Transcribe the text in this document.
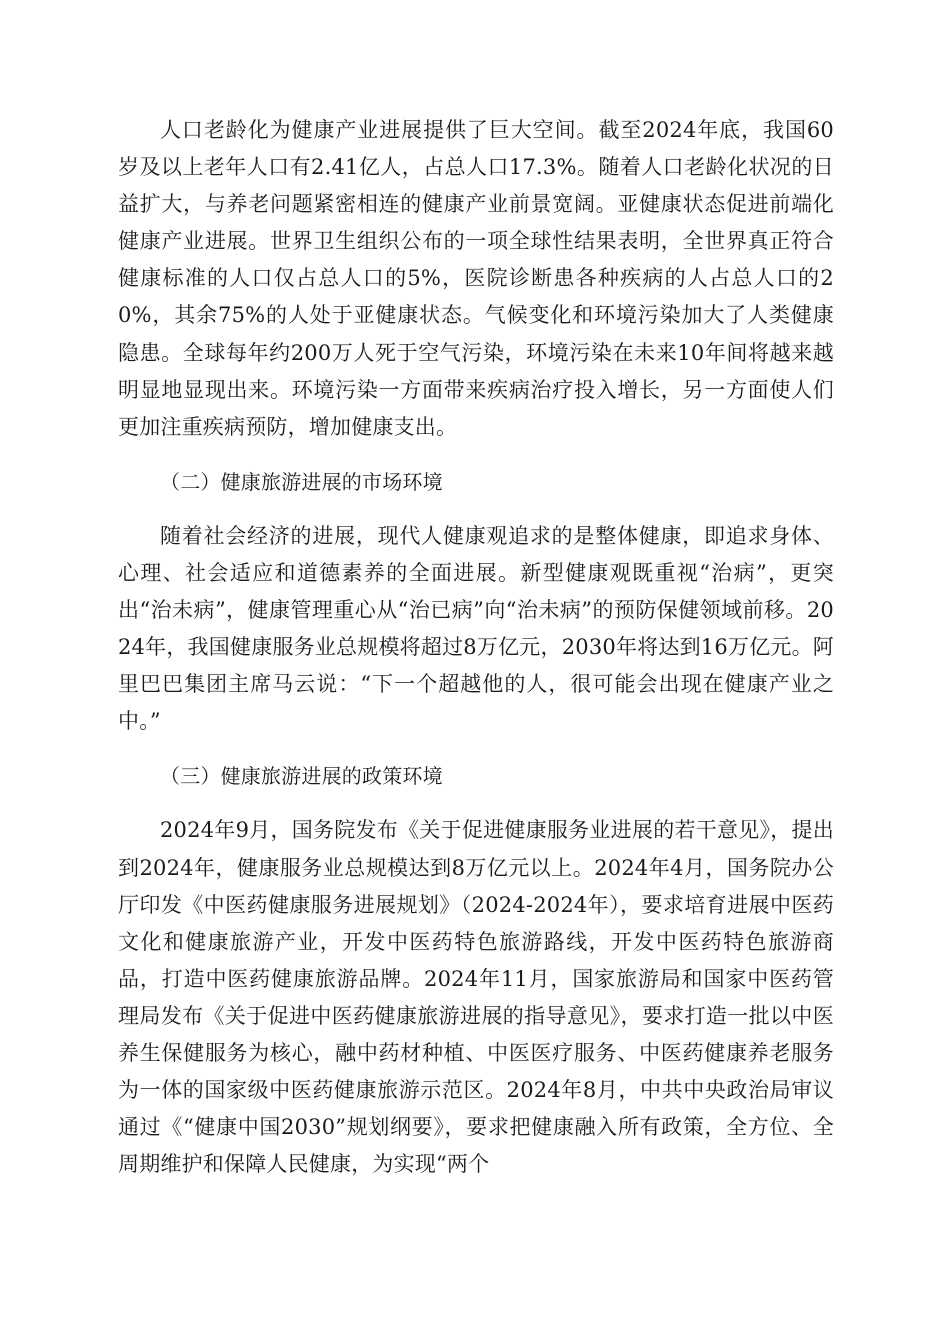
人口老龄化为健康产业进展提供了巨大空间。截至2024年底，我国60岁及以上老年人口有2.41亿人，占总人口17.3%。随着人口老龄化状况的日益扩大，与养老问题紧密相连的健康产业前景宽阔。亚健康状态促进前端化健康产业进展。世界卫生组织公布的一项全球性结果表明，全世界真正符合健康标准的人口仅占总人口的5%，医院诊断患各种疾病的人占总人口的20%，其余75%的人处于亚健康状态。气候变化和环境污染加大了人类健康隐患。全球每年约200万人死于空气污染，环境污染在未来10年间将越来越明显地显现出来。环境污染一方面带来疾病治疗投入增长，另一方面使人们更加注重疾病预防，增加健康支出。

（二）健康旅游进展的市场环境

随着社会经济的进展，现代人健康观追求的是整体健康，即追求身体、心理、社会适应和道德素养的全面进展。新型健康观既重视“治病”，更突出“治未病”，健康管理重心从“治已病”向“治未病”的预防保健领域前移。2024年，我国健康服务业总规模将超过8万亿元，2030年将达到16万亿元。阿里巴巴集团主席马云说：“下一个超越他的人，很可能会出现在健康产业之中。”

（三）健康旅游进展的政策环境

2024年9月，国务院发布《关于促进健康服务业进展的若干意见》，提出到2024年，健康服务业总规模达到8万亿元以上。2024年4月，国务院办公厅印发《中医药健康服务进展规划》（2024-2024年），要求培育进展中医药文化和健康旅游产业，开发中医药特色旅游路线，开发中医药特色旅游商品，打造中医药健康旅游品牌。2024年11月，国家旅游局和国家中医药管理局发布《关于促进中医药健康旅游进展的指导意见》，要求打造一批以中医养生保健服务为核心，融中药材种植、中医医疗服务、中医药健康养老服务为一体的国家级中医药健康旅游示范区。2024年8月，中共中央政治局审议通过《“健康中国2030”规划纲要》，要求把健康融入所有政策，全方位、全周期维护和保障人民健康，为实现“两个
